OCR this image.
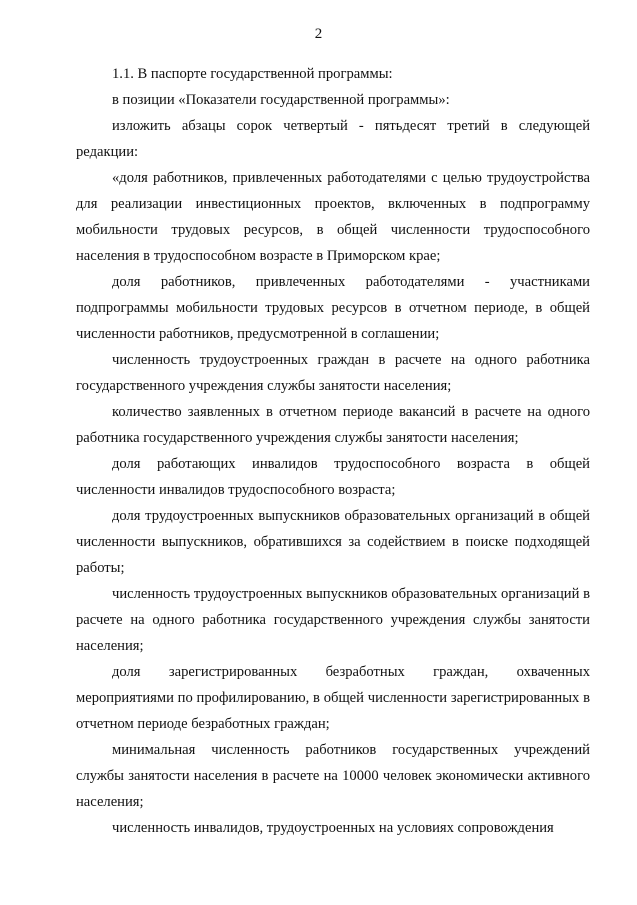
2

1.1. В паспорте государственной программы:

в позиции «Показатели государственной программы»:

изложить абзацы сорок четвертый - пятьдесят третий в следующей редакции:

«доля работников, привлеченных работодателями с целью трудоустройства для реализации инвестиционных проектов, включенных в подпрограмму мобильности трудовых ресурсов, в общей численности трудоспособного населения в трудоспособном возрасте в Приморском крае;

доля работников, привлеченных работодателями - участниками подпрограммы мобильности трудовых ресурсов в отчетном периоде, в общей численности работников, предусмотренной в соглашении;

численность трудоустроенных граждан в расчете на одного работника государственного учреждения службы занятости населения;

количество заявленных в отчетном периоде вакансий в расчете на одного работника государственного учреждения службы занятости населения;

доля работающих инвалидов трудоспособного возраста в общей численности инвалидов трудоспособного возраста;

доля трудоустроенных выпускников образовательных организаций в общей численности выпускников, обратившихся за содействием в поиске подходящей работы;

численность трудоустроенных выпускников образовательных организаций в расчете на одного работника государственного учреждения службы занятости населения;

доля зарегистрированных безработных граждан, охваченных мероприятиями по профилированию, в общей численности зарегистрированных в отчетном периоде безработных граждан;

минимальная численность работников государственных учреждений службы занятости населения в расчете на 10000 человек экономически активного населения;

численность инвалидов, трудоустроенных на условиях сопровождения
